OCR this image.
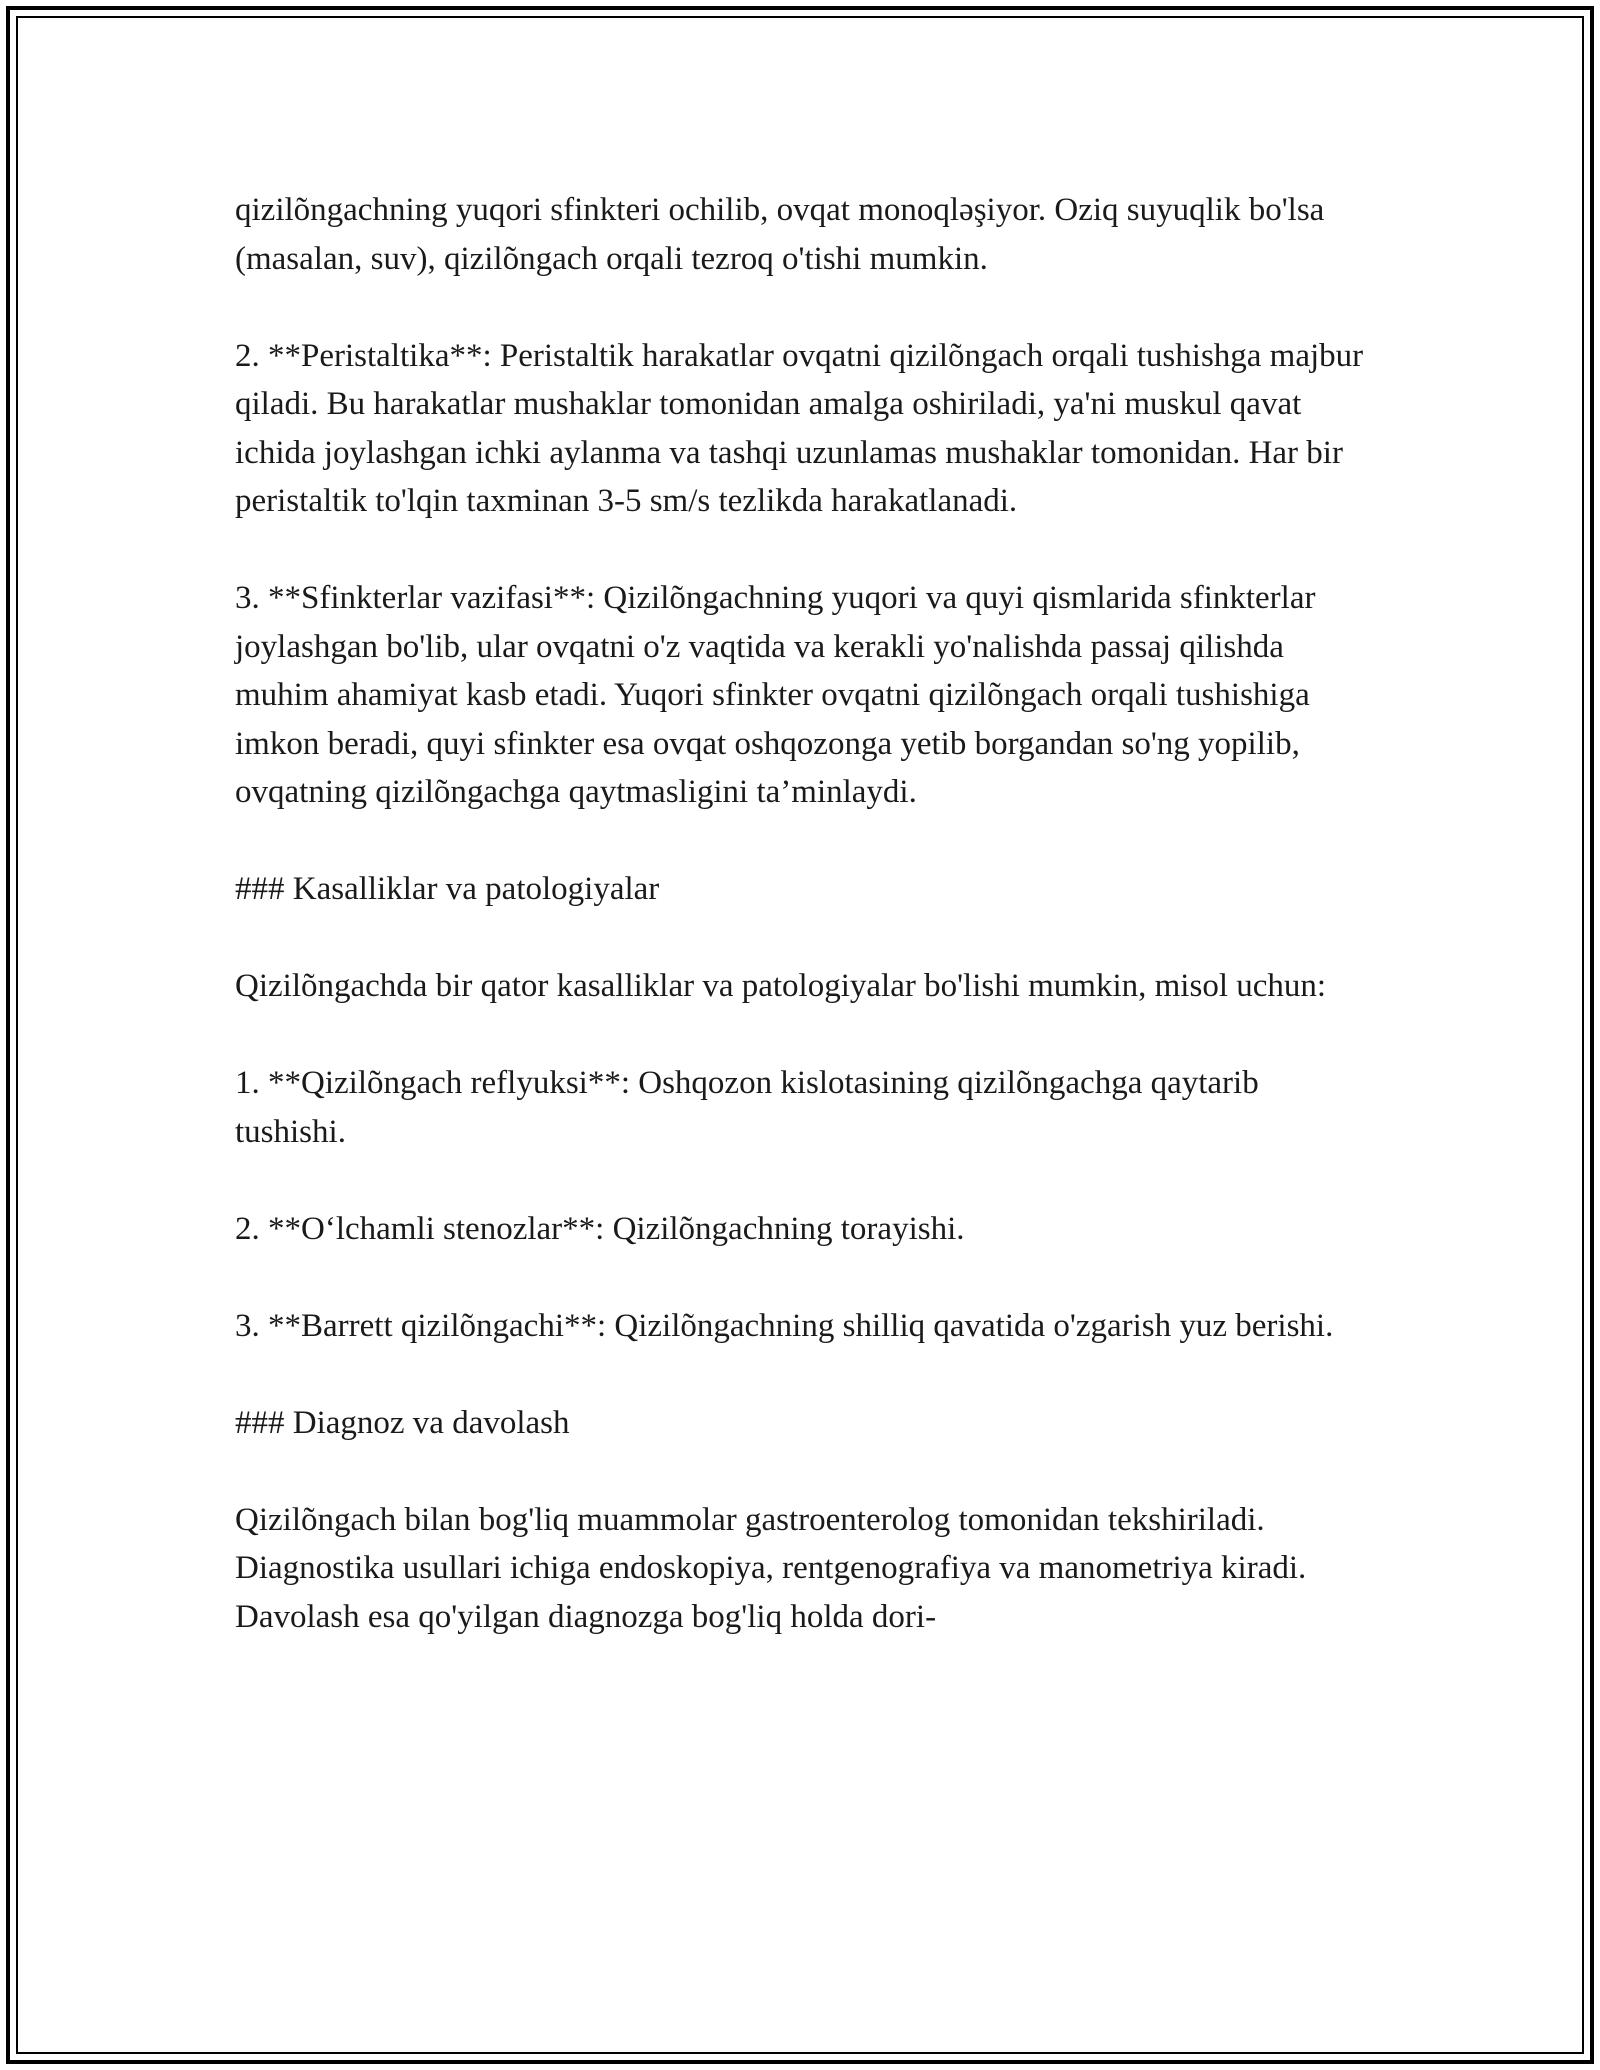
qizilõngachning yuqori sfinkteri ochilib, ovqat monoqləşiyor. Oziq suyuqlik bo'lsa (masalan, suv), qizilõngach orqali tezroq o'tishi mumkin.

2. **Peristaltika**: Peristaltik harakatlar ovqatni qizilõngach orqali tushishga majbur qiladi. Bu harakatlar mushaklar tomonidan amalga oshiriladi, ya'ni muskul qavat ichida joylashgan ichki aylanma va tashqi uzunlamas mushaklar tomonidan. Har bir peristaltik to'lqin taxminan 3-5 sm/s tezlikda harakatlanadi.

3. **Sfinkterlar vazifasi**: Qizilõngachning yuqori va quyi qismlarida sfinkterlar joylashgan bo'lib, ular ovqatni o'z vaqtida va kerakli yo'nalishda passaj qilishda muhim ahamiyat kasb etadi. Yuqori sfinkter ovqatni qizilõngach orqali tushishiga imkon beradi, quyi sfinkter esa ovqat oshqozonga yetib borgandan so'ng yopilib, ovqatning qizilõngachga qaytmasligini ta’minlaydi.

### Kasalliklar va patologiyalar

Qizilõngachda bir qator kasalliklar va patologiyalar bo'lishi mumkin, misol uchun:

1. **Qizilõngach reflyuksi**: Oshqozon kislotasining qizilõngachga qaytarib tushishi.

2. **O‘lchamli stenozlar**: Qizilõngachning torayishi.

3. **Barrett qizilõngachi**: Qizilõngachning shilliq qavatida o'zgarish yuz berishi.

### Diagnoz va davolash

Qizilõngach bilan bog'liq muammolar gastroenterolog tomonidan tekshiriladi. Diagnostika usullari ichiga endoskopiya, rentgenografiya va manometriya kiradi. Davolash esa qo'yilgan diagnozga bog'liq holda dori-
